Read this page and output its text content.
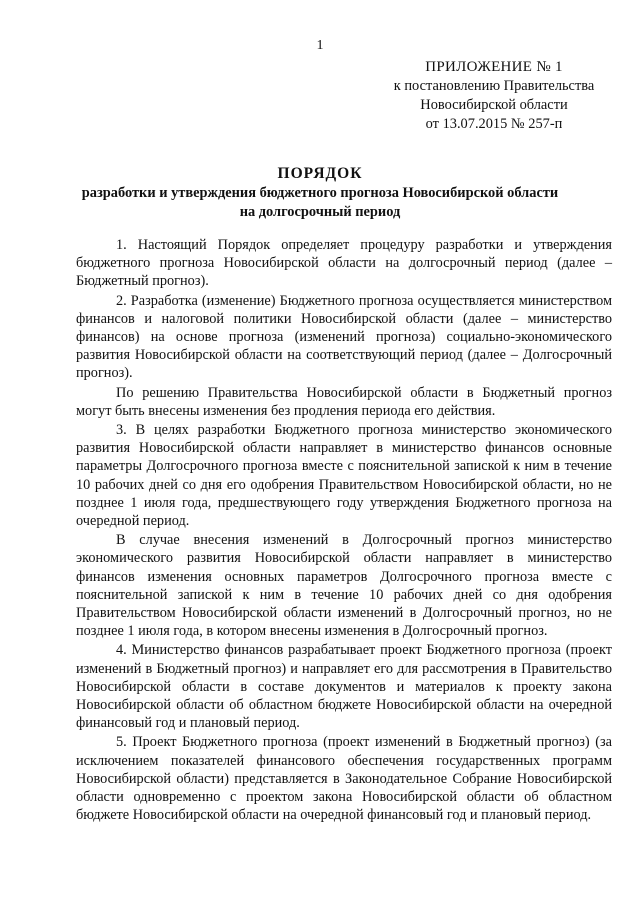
1
ПРИЛОЖЕНИЕ № 1
к постановлению Правительства
Новосибирской области
от 13.07.2015 № 257-п
ПОРЯДОК
разработки и утверждения бюджетного прогноза Новосибирской области
на долгосрочный период

1. Настоящий Порядок определяет процедуру разработки и утверждения бюджетного прогноза Новосибирской области на долгосрочный период (далее – Бюджетный прогноз).

2. Разработка (изменение) Бюджетного прогноза осуществляется министерством финансов и налоговой политики Новосибирской области (далее – министерство финансов) на основе прогноза (изменений прогноза) социально-экономического развития Новосибирской области на соответствующий период (далее – Долгосрочный прогноз).

По решению Правительства Новосибирской области в Бюджетный прогноз могут быть внесены изменения без продления периода его действия.

3. В целях разработки Бюджетного прогноза министерство экономического развития Новосибирской области направляет в министерство финансов основные параметры Долгосрочного прогноза вместе с пояснительной запиской к ним в течение 10 рабочих дней со дня его одобрения Правительством Новосибирской области, но не позднее 1 июля года, предшествующего году утверждения Бюджетного прогноза на очередной период.

В случае внесения изменений в Долгосрочный прогноз министерство экономического развития Новосибирской области направляет в министерство финансов изменения основных параметров Долгосрочного прогноза вместе с пояснительной запиской к ним в течение 10 рабочих дней со дня одобрения Правительством Новосибирской области изменений в Долгосрочный прогноз, но не позднее 1 июля года, в котором внесены изменения в Долгосрочный прогноз.

4. Министерство финансов разрабатывает проект Бюджетного прогноза (проект изменений в Бюджетный прогноз) и направляет его для рассмотрения в Правительство Новосибирской области в составе документов и материалов к проекту закона Новосибирской области об областном бюджете Новосибирской области на очередной финансовый год и плановый период.

5. Проект Бюджетного прогноза (проект изменений в Бюджетный прогноз) (за исключением показателей финансового обеспечения государственных программ Новосибирской области) представляется в Законодательное Собрание Новосибирской области одновременно с проектом закона Новосибирской области об областном бюджете Новосибирской области на очередной финансовый год и плановый период.
